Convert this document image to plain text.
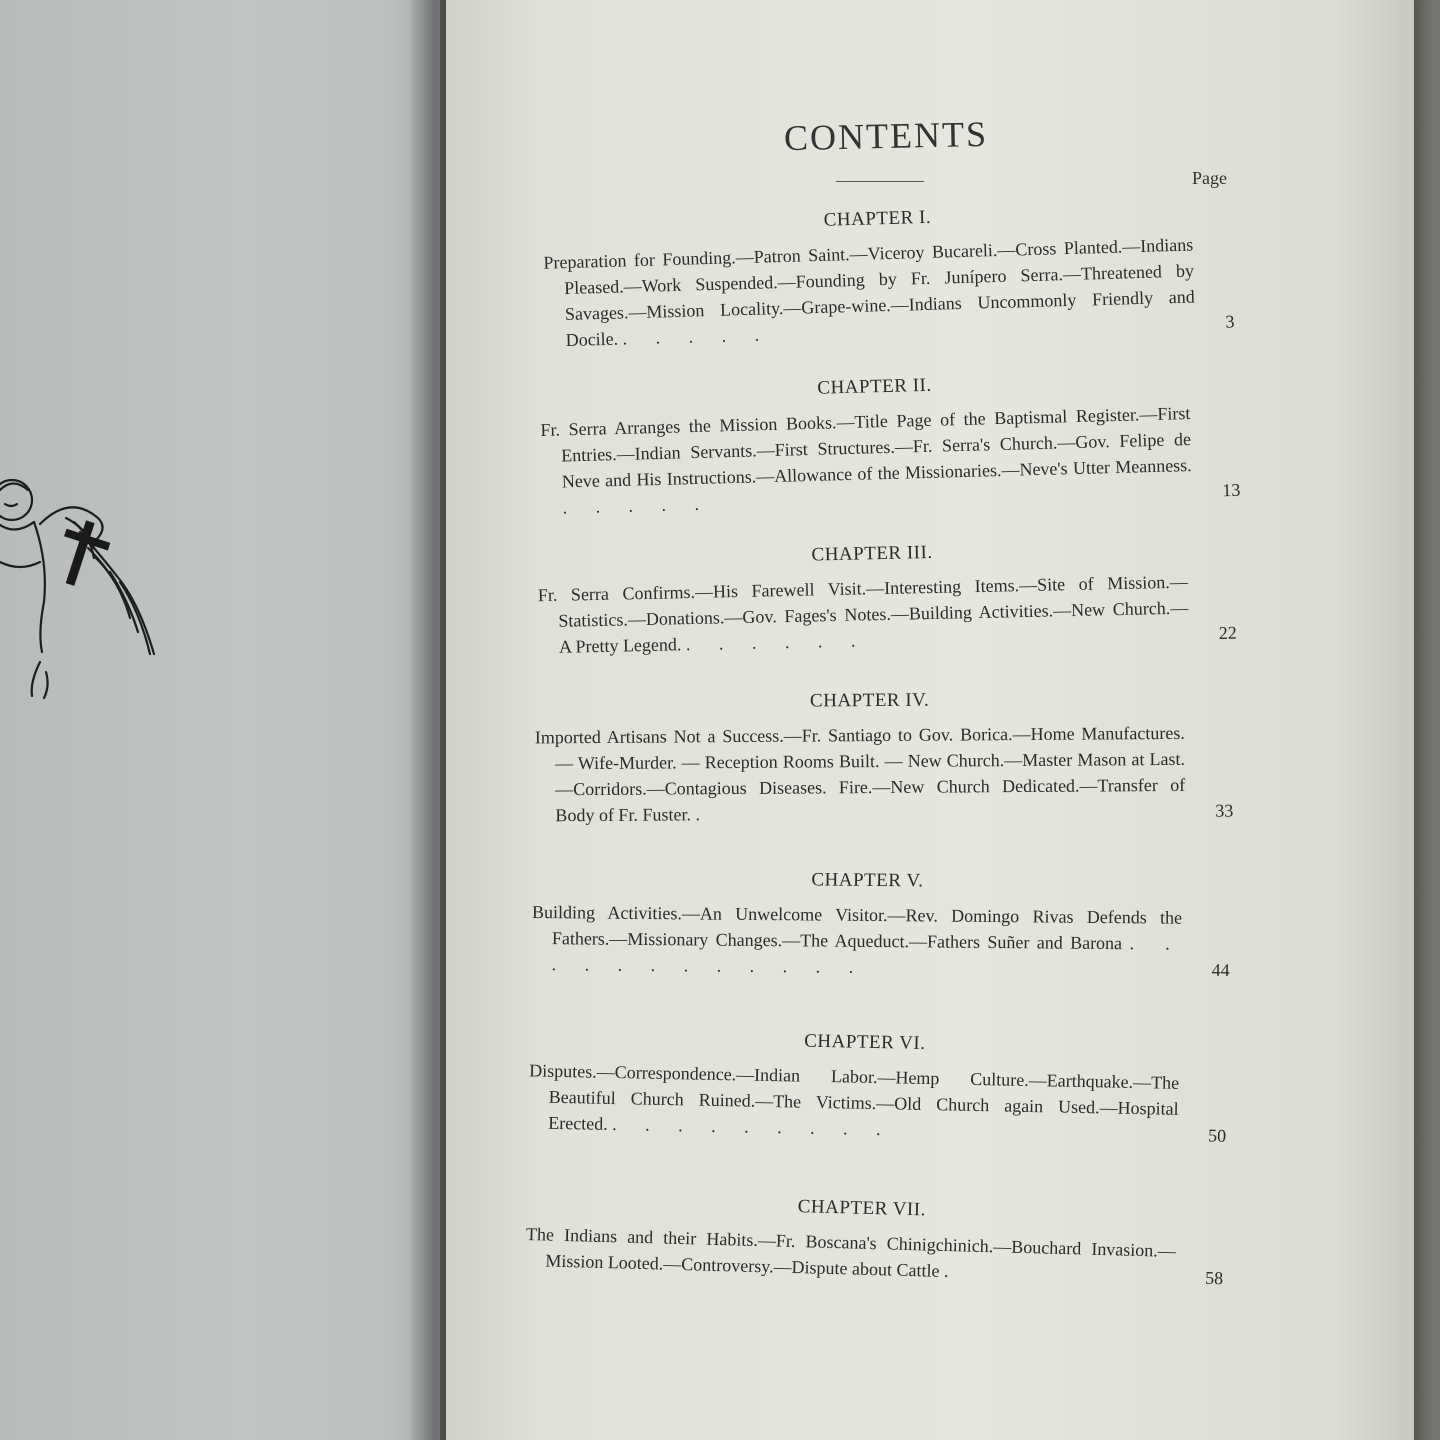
CONTENTS
Page
CHAPTER I.
Preparation for Founding.—Patron Saint.—Viceroy Bucareli.—Cross Planted.—Indians Pleased.—Work Suspended.—Founding by Fr. Junípero Serra.—Threatened by Savages.—Mission Locality.—Grape-wine.—Indians Uncommonly Friendly and Docile. . . . . .
3
CHAPTER II.
Fr. Serra Arranges the Mission Books.—Title Page of the Baptismal Register.—First Entries.—Indian Servants.—First Structures.—Fr. Serra's Church.—Gov. Felipe de Neve and His Instructions.—Allowance of the Missionaries.—Neve's Utter Meanness. . . . . .
13
CHAPTER III.
Fr. Serra Confirms.—His Farewell Visit.—Interesting Items.—Site of Mission.—Statistics.—Donations.—Gov. Fages's Notes.—Building Activities.—New Church.—A Pretty Legend. . . . . . .	22
CHAPTER IV.
Imported Artisans Not a Success.—Fr. Santiago to Gov. Borica.—Home Manufactures. — Wife-Murder. — Reception Rooms Built. — New Church.—Master Mason at Last.—Corridors.—Contagious Diseases. Fire.—New Church Dedicated.—Transfer of Body of Fr. Fuster. .	33
CHAPTER V.
Building Activities.—An Unwelcome Visitor.—Rev. Domingo Rivas Defends the Fathers.—Missionary Changes.—The Aqueduct.—Fathers Suñer and Barona . . . . . . . . . . . .	44
CHAPTER VI.
Disputes.—Correspondence.—Indian Labor.—Hemp Culture.—Earthquake.—The Beautiful Church Ruined.—The Victims.—Old Church again Used.—Hospital Erected. . . . . . . . . .	50
CHAPTER VII.
The Indians and their Habits.—Fr. Boscana's Chinigchinich.—Bouchard Invasion.—Mission Looted.—Controversy.—Dispute about Cattle .	58
